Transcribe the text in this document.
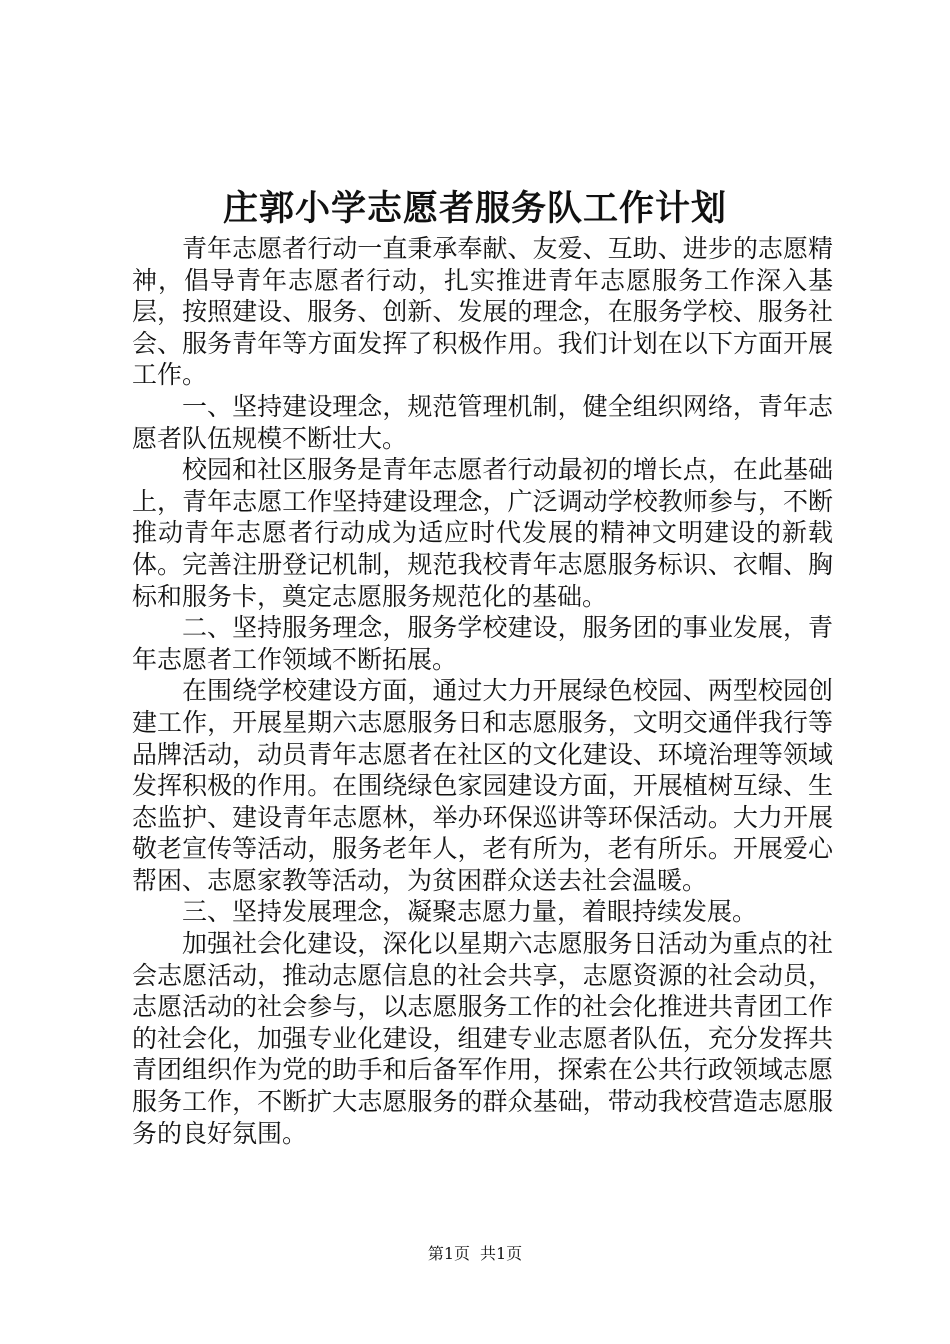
庄郭小学志愿者服务队工作计划

青年志愿者行动一直秉承奉献、友爱、互助、进步的志愿精神，倡导青年志愿者行动，扎实推进青年志愿服务工作深入基层，按照建设、服务、创新、发展的理念，在服务学校、服务社会、服务青年等方面发挥了积极作用。我们计划在以下方面开展工作。

一、坚持建设理念，规范管理机制，健全组织网络，青年志愿者队伍规模不断壮大。

校园和社区服务是青年志愿者行动最初的增长点，在此基础上，青年志愿工作坚持建设理念，广泛调动学校教师参与，不断推动青年志愿者行动成为适应时代发展的精神文明建设的新载体。完善注册登记机制，规范我校青年志愿服务标识、衣帽、胸标和服务卡，奠定志愿服务规范化的基础。

二、坚持服务理念，服务学校建设，服务团的事业发展，青年志愿者工作领域不断拓展。

在围绕学校建设方面，通过大力开展绿色校园、两型校园创建工作，开展星期六志愿服务日和志愿服务，文明交通伴我行等品牌活动，动员青年志愿者在社区的文化建设、环境治理等领域发挥积极的作用。在围绕绿色家园建设方面，开展植树互绿、生态监护、建设青年志愿林，举办环保巡讲等环保活动。大力开展敬老宣传等活动，服务老年人，老有所为，老有所乐。开展爱心帮困、志愿家教等活动，为贫困群众送去社会温暖。

三、坚持发展理念，凝聚志愿力量，着眼持续发展。

加强社会化建设，深化以星期六志愿服务日活动为重点的社会志愿活动，推动志愿信息的社会共享，志愿资源的社会动员，志愿活动的社会参与，以志愿服务工作的社会化推进共青团工作的社会化，加强专业化建设，组建专业志愿者队伍，充分发挥共青团组织作为党的助手和后备军作用，探索在公共行政领域志愿服务工作，不断扩大志愿服务的群众基础，带动我校营造志愿服务的良好氛围。

第1页 共1页
